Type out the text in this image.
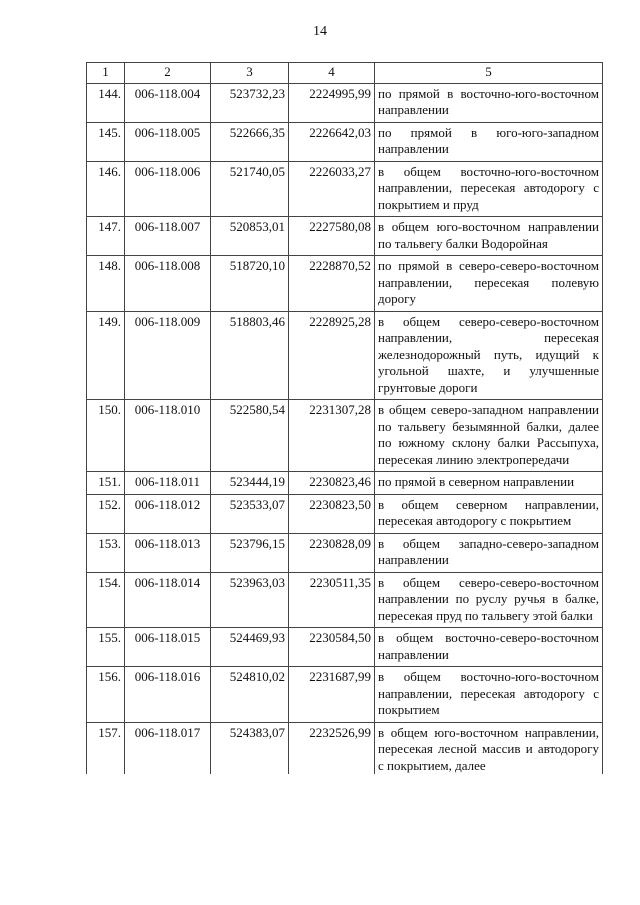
14
1	2	3	4	5
144.	006-118.004	523732,23	2224995,99	по прямой в восточно-юго-восточном направлении
145.	006-118.005	522666,35	2226642,03	по прямой в юго-юго-западном направлении
146.	006-118.006	521740,05	2226033,27	в общем восточно-юго-восточном направлении, пересекая автодорогу с покрытием и пруд
147.	006-118.007	520853,01	2227580,08	в общем юго-восточном направлении по тальвегу балки Водоройная
148.	006-118.008	518720,10	2228870,52	по прямой в северо-северо-восточном направлении, пересекая полевую дорогу
149.	006-118.009	518803,46	2228925,28	в общем северо-северо-восточном направлении, пересекая железнодорожный путь, идущий к угольной шахте, и улучшенные грунтовые дороги
150.	006-118.010	522580,54	2231307,28	в общем северо-западном направлении по тальвегу безымянной балки, далее по южному склону балки Рассыпуха, пересекая линию электропередачи
151.	006-118.011	523444,19	2230823,46	по прямой в северном направлении
152.	006-118.012	523533,07	2230823,50	в общем северном направлении, пересекая автодорогу с покрытием
153.	006-118.013	523796,15	2230828,09	в общем западно-северо-западном направлении
154.	006-118.014	523963,03	2230511,35	в общем северо-северо-восточном направлении по руслу ручья в балке, пересекая пруд по тальвегу этой балки
155.	006-118.015	524469,93	2230584,50	в общем восточно-северо-восточном направлении
156.	006-118.016	524810,02	2231687,99	в общем восточно-юго-восточном направлении, пересекая автодорогу с покрытием
157.	006-118.017	524383,07	2232526,99	в общем юго-восточном направлении, пересекая лесной массив и автодорогу с покрытием, далее
